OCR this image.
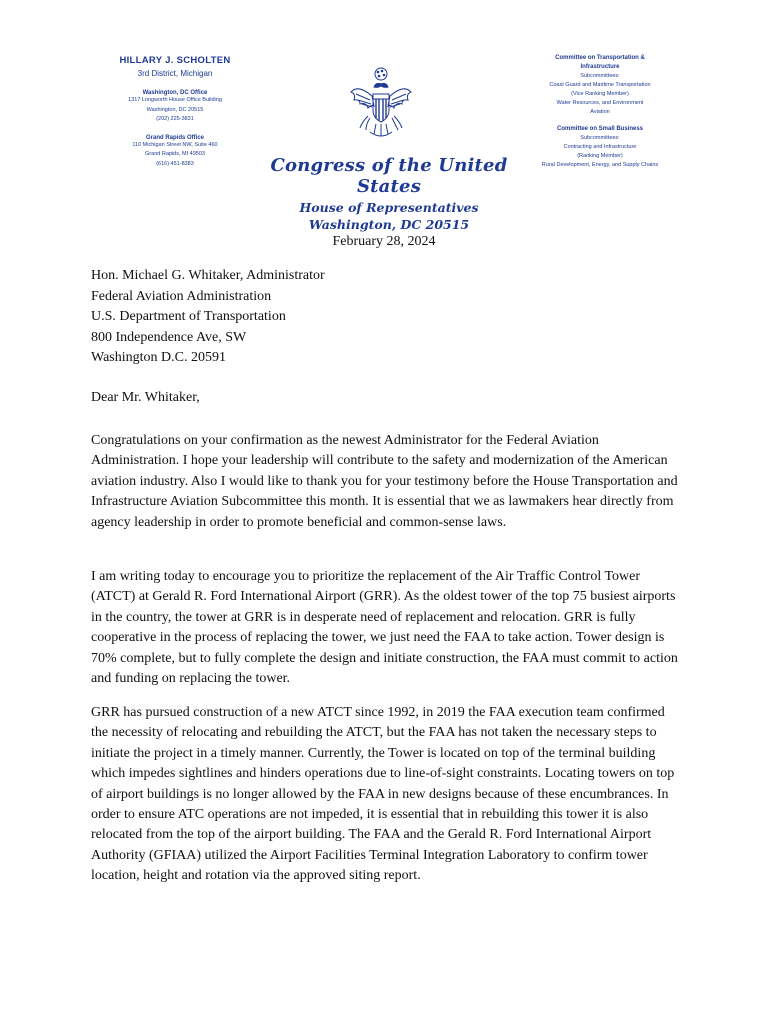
HILLARY J. SCHOLTEN
3rd District, Michigan
Washington, DC Office
1317 Longworth House Office Building
Washington, DC 20515
(202) 225-3831
Grand Rapids Office
110 Michigan Street NW, Suite 460
Grand Rapids, MI 49503
(616) 451-8383	Congress of the United States
House of Representatives
Washington, DC 20515
Committee on Transportation &
Infrastructure
Subcommittees:
Coast Guard and Maritime Transportation
(Vice Ranking Member)
Water Resources, and Environment
Aviation
Committee on Small Business
Subcommittees:
Contracting and Infrastructure
(Ranking Member)
Rural Development, Energy, and Supply Chains
February 28, 2024
Hon. Michael G. Whitaker, Administrator
Federal Aviation Administration
U.S. Department of Transportation
800 Independence Ave, SW
Washington D.C. 20591
Dear Mr. Whitaker,

Congratulations on your confirmation as the newest Administrator for the Federal Aviation Administration. I hope your leadership will contribute to the safety and modernization of the American aviation industry. Also I would like to thank you for your testimony before the House Transportation and Infrastructure Aviation Subcommittee this month. It is essential that we as lawmakers hear directly from agency leadership in order to promote beneficial and common-sense laws.

I am writing today to encourage you to prioritize the replacement of the Air Traffic Control Tower (ATCT) at Gerald R. Ford International Airport (GRR). As the oldest tower of the top 75 busiest airports in the country, the tower at GRR is in desperate need of replacement and relocation. GRR is fully cooperative in the process of replacing the tower, we just need the FAA to take action. Tower design is 70% complete, but to fully complete the design and initiate construction, the FAA must commit to action and funding on replacing the tower.

GRR has pursued construction of a new ATCT since 1992, in 2019 the FAA execution team confirmed the necessity of relocating and rebuilding the ATCT, but the FAA has not taken the necessary steps to initiate the project in a timely manner. Currently, the Tower is located on top of the terminal building which impedes sightlines and hinders operations due to line-of-sight constraints. Locating towers on top of airport buildings is no longer allowed by the FAA in new designs because of these encumbrances. In order to ensure ATC operations are not impeded, it is essential that in rebuilding this tower it is also relocated from the top of the airport building. The FAA and the Gerald R. Ford International Airport Authority (GFIAA) utilized the Airport Facilities Terminal Integration Laboratory to confirm tower location, height and rotation via the approved siting report.
